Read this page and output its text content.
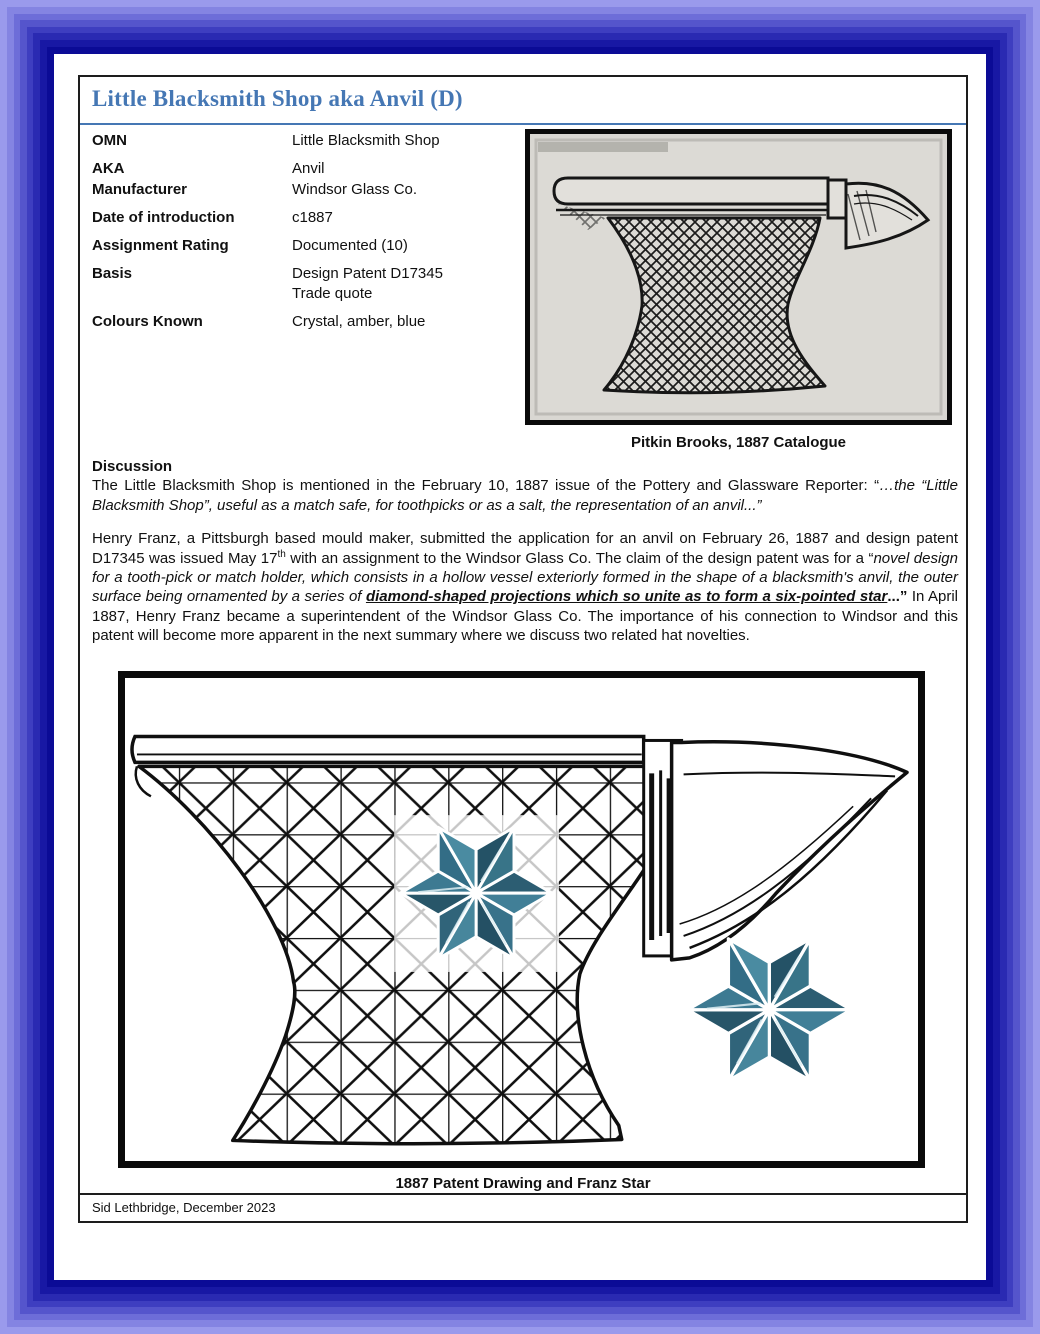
Little Blacksmith Shop aka Anvil (D)
OMN	Little Blacksmith Shop
AKA	Anvil
Manufacturer	Windsor Glass Co.
Date of introduction	c1887
Assignment Rating	Documented (10)
Basis	Design Patent D17345
Trade quote
Colours Known	Crystal, amber, blue
Pitkin Brooks, 1887 Catalogue
Discussion

The Little Blacksmith Shop is mentioned in the February 10, 1887 issue of the Pottery and Glassware Reporter: “…the “Little Blacksmith Shop”, useful as a match safe, for toothpicks or as a salt, the representation of an anvil...”

Henry Franz, a Pittsburgh based mould maker, submitted the application for an anvil on February 26, 1887 and design patent D17345 was issued May 17th with an assignment to the Windsor Glass Co. The claim of the design patent was for a “novel design for a tooth-pick or match holder, which consists in a hollow vessel exteriorly formed in the shape of a blacksmith's anvil, the outer surface being ornamented by a series of diamond-shaped projections which so unite as to form a six-pointed star...” In April 1887, Henry Franz became a superintendent of the Windsor Glass Co. The importance of his connection to Windsor and this patent will become more apparent in the next summary where we discuss two related hat novelties.

1887 Patent Drawing and Franz Star
Sid Lethbridge, December 2023
